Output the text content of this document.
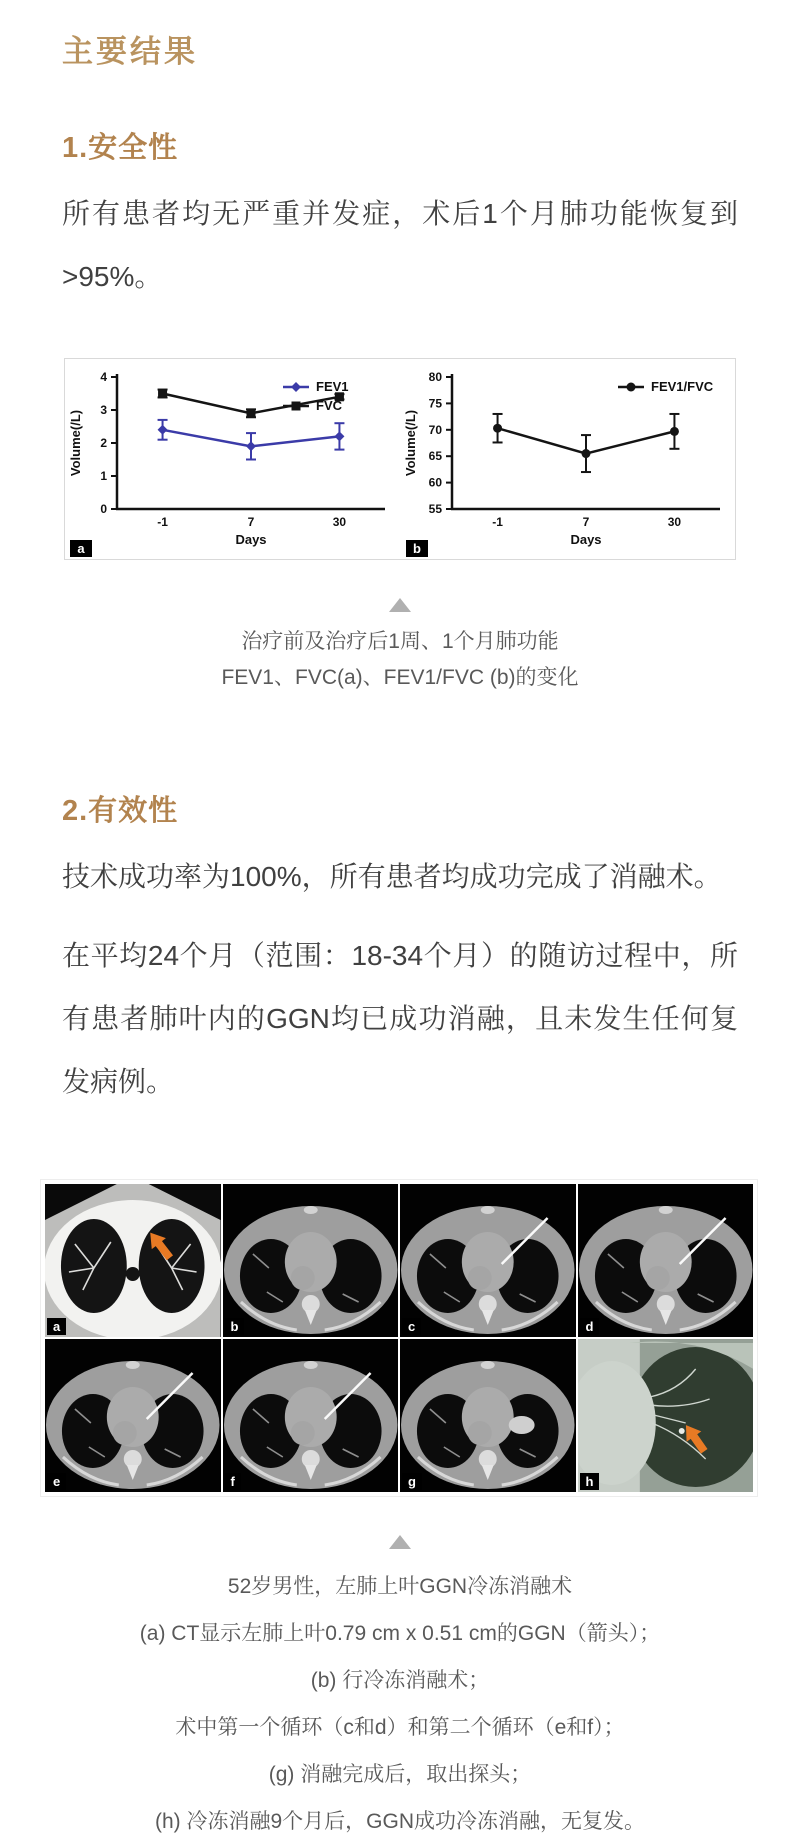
主要结果
1.安全性

所有患者均无严重并发症，术后1个月肺功能恢复到>95%。

0
1
2
3
4
-1	7	30
Days
Volume(/L)
FEV1
FVC
55
60
65
70
75
80
-1	7	30
Days
Volume(/L)
FEV1/FVC
a	b
治疗前及治疗后1周、1个月肺功能
FEV1、FVC(a)、FEV1/FVC (b)的变化
2.有效性

技术成功率为100%，所有患者均成功完成了消融术。

在平均24个月（范围：18-34个月）的随访过程中，所有患者肺叶内的GGN均已成功消融，且未发生任何复发病例。

a	b	c	d
e	f	g	h
52岁男性，左肺上叶GGN冷冻消融术
(a) CT显示左肺上叶0.79 cm x 0.51 cm的GGN（箭头）；
(b) 行冷冻消融术；
术中第一个循环（c和d）和第二个循环（e和f）；
(g) 消融完成后，取出探头；
(h) 冷冻消融9个月后，GGN成功冷冻消融，无复发。
